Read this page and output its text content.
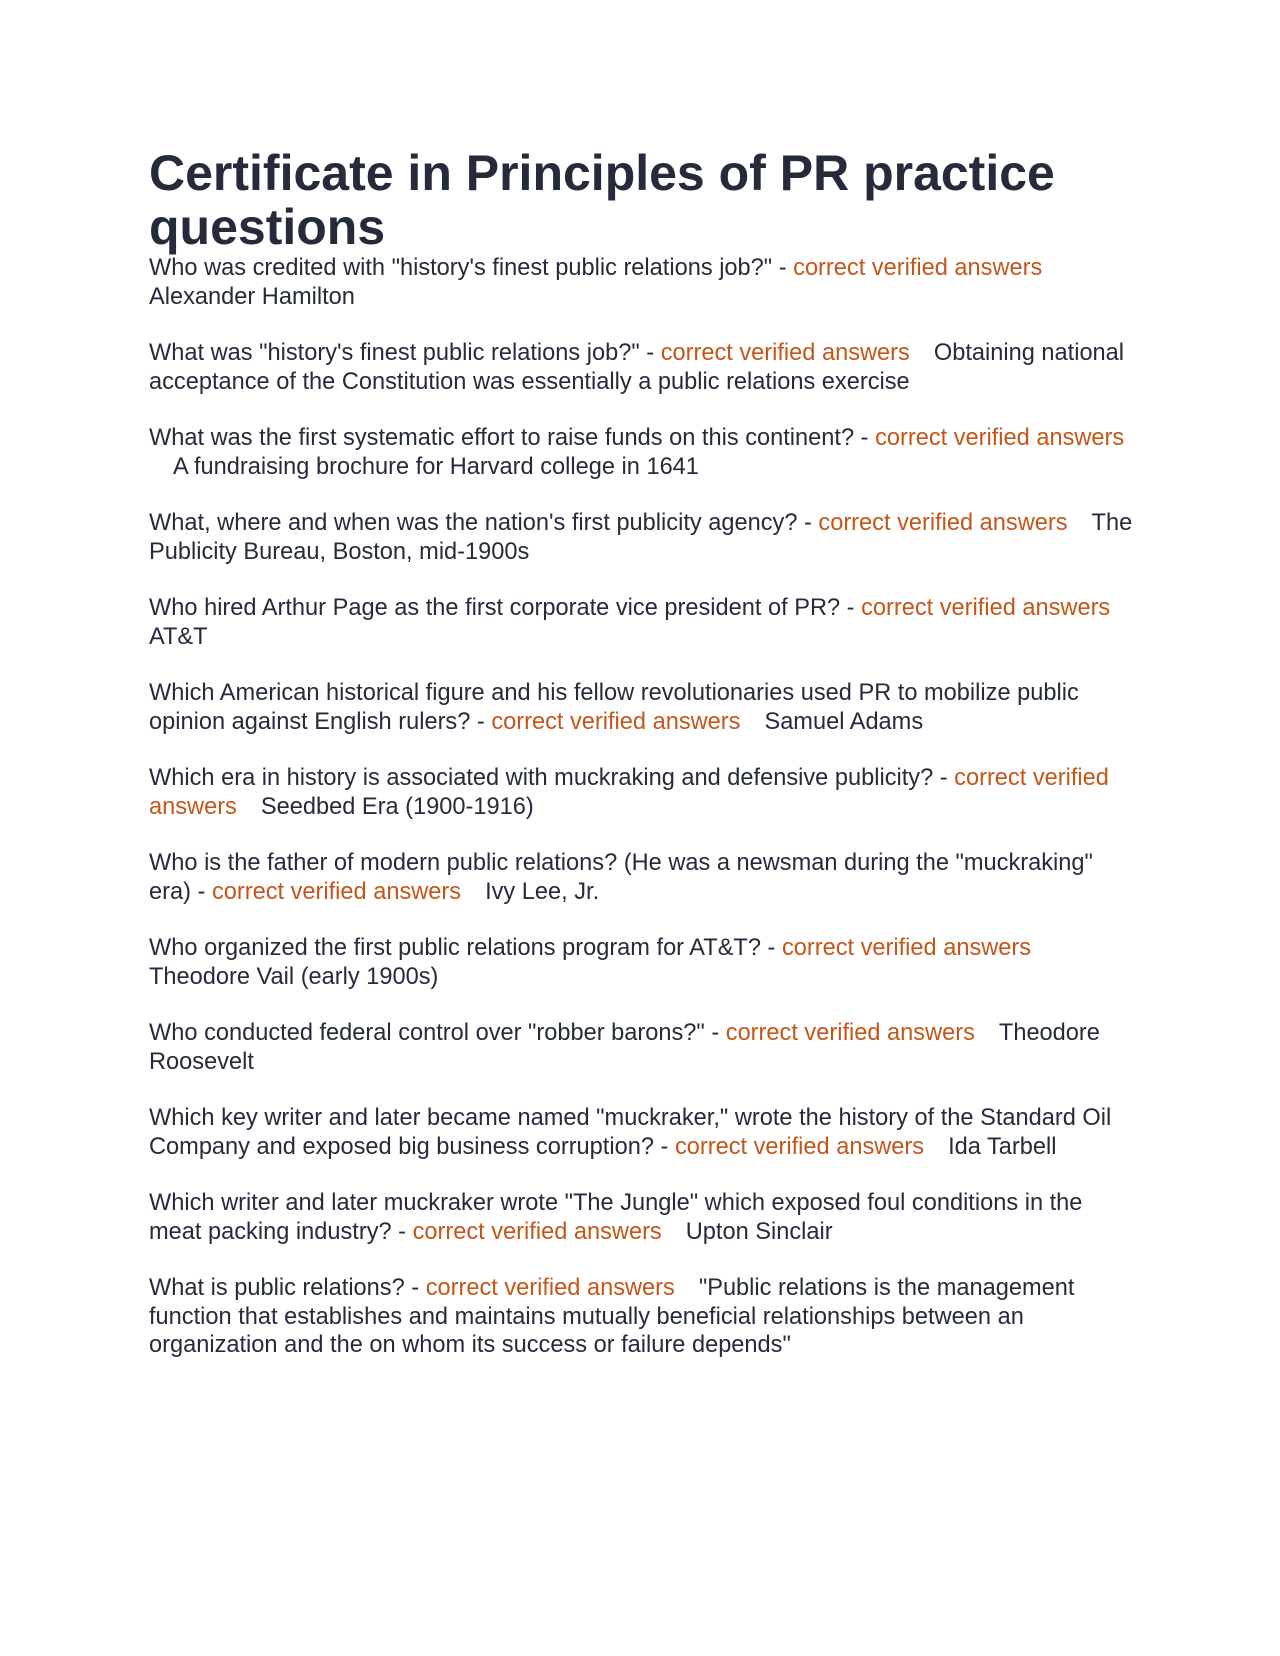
Certificate in Principles of PR practice questions

Who was credited with "history's finest public relations job?" - correct verified answersAlexander Hamilton

What was "history's finest public relations job?" - correct verified answers Obtaining national acceptance of the Constitution was essentially a public relations exercise

What was the first systematic effort to raise funds on this continent? - correct verified answersA fundraising brochure for Harvard college in 1641

What, where and when was the nation's first publicity agency? - correct verified answers The Publicity Bureau, Boston, mid-1900s

Who hired Arthur Page as the first corporate vice president of PR? - correct verified answersAT&T

Which American historical figure and his fellow revolutionaries used PR to mobilize public opinion against English rulers? - correct verified answers Samuel Adams

Which era in history is associated with muckraking and defensive publicity? - correct verified answers Seedbed Era (1900-1916)

Who is the father of modern public relations? (He was a newsman during the "muckraking" era) - correct verified answers Ivy Lee, Jr.

Who organized the first public relations program for AT&T? - correct verified answersTheodore Vail (early 1900s)

Who conducted federal control over "robber barons?" - correct verified answers Theodore Roosevelt

Which key writer and later became named "muckraker," wrote the history of the Standard Oil Company and exposed big business corruption? - correct verified answers Ida Tarbell

Which writer and later muckraker wrote "The Jungle" which exposed foul conditions in the meat packing industry? - correct verified answers Upton Sinclair

What is public relations? - correct verified answers "Public relations is the management function that establishes and maintains mutually beneficial relationships between an organization and the on whom its success or failure depends"
